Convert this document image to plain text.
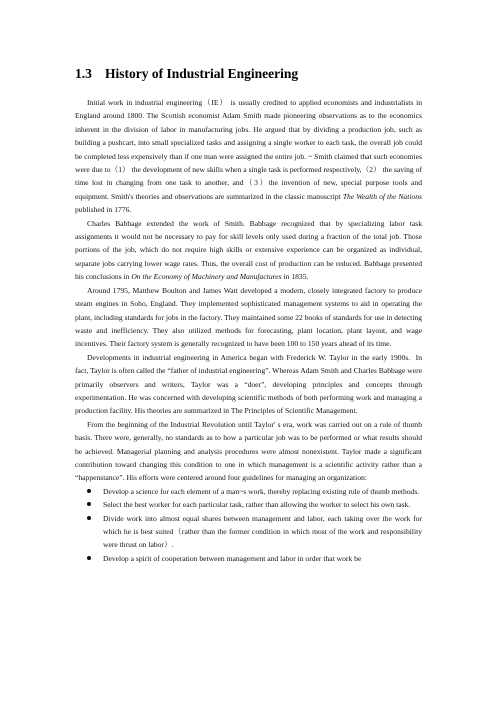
1.3 History of Industrial Engineering

Initial work in industrial engineering（IE） is usually credited to applied economists and industrialists in England around 1800. The Scottish economist Adam Smith made pioneering observations as to the economics inherent in the division of labor in manufacturing jobs. He argued that by dividing a production job, such as building a pushcart, into small specialized tasks and assigning a single worker to each task, the overall job could be completed less expensively than if one man were assigned the entire job. ~ Smith claimed that such economies were due to（1） the development of new skills when a single task is performed respectively,（2） the saving of time lost in changing from one task to another, and（3）the invention of new, special purpose tools and equipment. Smith's theories and observations are summarized in the classic manuscript The Wealth of the Nations published in 1776.

Charles Babbage extended the work of Smith. Babbage recognized that by specializing labor task assignments it would not be necessary to pay for skill levels only used during a fraction of the total job. Those portions of the job, which do not require high skills or extensive experience can be organized as individual, separate jobs carrying lower wage rates. Thus, the overall cost of production can be reduced. Babbage presented his conclusions in On the Economy of Machinery and Manufactures in 1835.

Around 1795, Matthew Boulton and James Watt developed a modern, closely integrated factory to produce steam engines in Soho, England. They implemented sophisticated management systems to aid in operating the plant, including standards for jobs in the factory. They maintained some 22 books of standards for use in detecting waste and inefficiency. They also utilized methods for forecasting, plant location, plant layout, and wage incentives. Their factory system is generally recognized to have been 100 to 150 years ahead of its time.

Developments in industrial engineering in America began with Frederick W. Taylor in the early 1900s.  In fact, Taylor is often called the “father of industrial engineering”. Whereas Adam Smith and Charles Babbage were primarily observers and writers, Taylor was a “doer”, developing principles and concepts through experimentation. He was concerned with developing scientific methods of both performing work and managing a production facility. His theories are summarized in The Principles of Scientific Management.

From the beginning of the Industrial Revolution until Taylor' s era, work was carried out on a rule of thumb basis. There were, generally, no standards as to how a particular job was to be performed or what results should be achieved. Managerial planning and analysis procedures were almost nonexistent. Taylor made a significant contribution toward changing this condition to one in which management is a scientific activity rather than a “happenstance”. His efforts were centered around four guidelines for managing an organization:

Develop a science for each element of a man~s work, thereby replacing existing rule of thumb methods.
Select the best worker for each particular task, rather than allowing the worker to select his own task.
Divide work into almost equal shares between management and labor, each taking over the work for which he is best suited（rather than the former condition in which most of the work and responsibility were thrust on labor）.
Develop a spirit of cooperation between management and labor in order that work be
